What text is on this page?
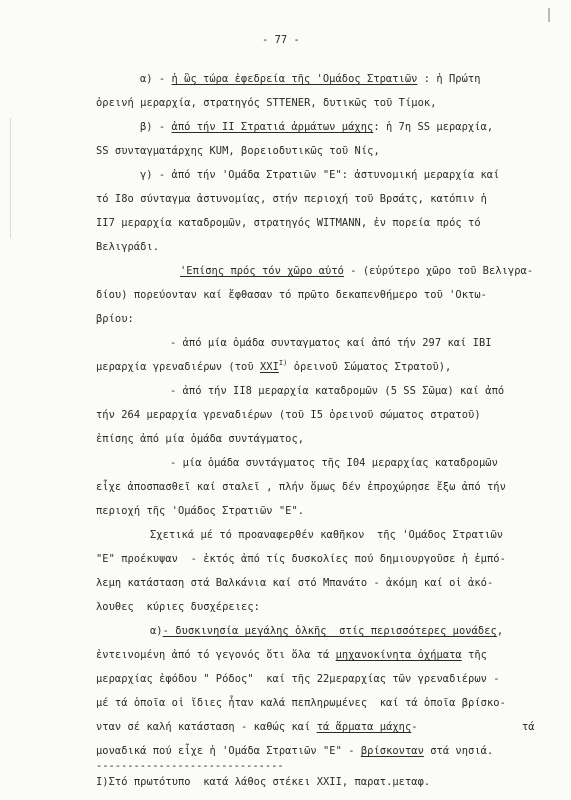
- 77 -
α) - ἡ ὣς τώρα ἐφεδρεία τῆς 'Ομάδος Στρατιῶν : ἡ Πρώτη
ὀρεινή μεραρχία, στρατηγός STTENER, δυτικῶς τοῦ Τίμοκ,
β) - ἀπό τήν ΙΙ Στρατιά ἀρμάτων μάχης: ἡ 7η SS μεραρχία,
SS συνταγματάρχης KUM, βορειοδυτικῶς τοῦ Νίς,
γ) - ἀπό τήν 'Ομάδα Στρατιῶν "Ε": ἀστυνομική μεραρχία καί
τό Ι8ο σύνταγμα ἀστυνομίας, στήν περιοχή τοῦ Βρσάτς, κατόπιν ἡ
ΙΙ7 μεραρχία καταδρομῶν, στρατηγός WITMANN, ἐν πορεία πρός τό
Βελιγράδι.
'Επίσης πρός τόν χῶρο αὐτό - (εὐρύτερο χῶρο τοῦ Βελιγρα-
δίου) πορεύονταν καί ἔφθασαν τό πρῶτο δεκαπενθήμερο τοῦ 'Οκτω-
βρίου:
- ἀπό μία ὁμάδα συνταγματος καί ἀπό τήν 297 καί ΙΒΙ
μεραρχία γρεναδιέρων (τοῦ $XXI^{I)}$ ὀρεινοῦ Σώματος Στρατοῦ),
- ἀπό τήν ΙΙ8 μεραρχία καταδρομῶν (5 SS Σῶμα) καί ἀπό
τήν 264 μεραρχία γρεναδιέρων (τοῦ Ι5 ὀρεινοῦ σώματος στρατοῦ)
ἐπίσης ἀπό μία ὁμάδα συντάγματος,
- μία ὁμάδα συντάγματος τῆς Ι04 μεραρχίας καταδρομῶν
εἶχε ἀποσπασθεῖ καί σταλεῖ , πλήν ὅμως δέν ἐπροχώρησε ἔξω ἀπό τήν
περιοχή τῆς 'Ομάδος Στρατιῶν "Ε".
Σχετικά μέ τό προαναφερθέν καθῆκον  τῆς 'Ομάδος Στρατιῶν
"Ε" προέκυψαν  - ἐκτός ἀπό τίς δυσκολίες πού δημιουργοῦσε ἡ ἐμπό-
λεμη κατάσταση στά Βαλκάνια καί στό Μπανάτο - ἀκόμη καί οἱ ἀκό-
λουθες  κύριες δυσχέρειες:
α)- δυσκινησία μεγάλης ὁλκῆς  στίς περισσότερες μονάδες,
ἐντεινομένη ἀπό τό γεγονός ὅτι ὅλα τά μηχανοκίνητα ὀχήματα τῆς
μεραρχίας ἐφόδου " Ρόδος"  καί τῆς 22μεραρχίας τῶν γρεναδιέρων -
μέ τά ὁποῖα οἱ ἴδιες ἦταν καλά πεπληρωμένες  καί τά ὁποῖα βρίσκο-
νταν σέ καλή κατάσταση - καθώς καί τά ἅρματα μάχης-	τά
μοναδικά πού εἶχε ἡ 'Ομάδα Στρατιῶν "Ε" - βρίσκονταν στά νησιά.
------------------------------
Ι)Στό πρωτότυπο  κατά λάθος στέκει XXII, παρατ.μεταφ.
